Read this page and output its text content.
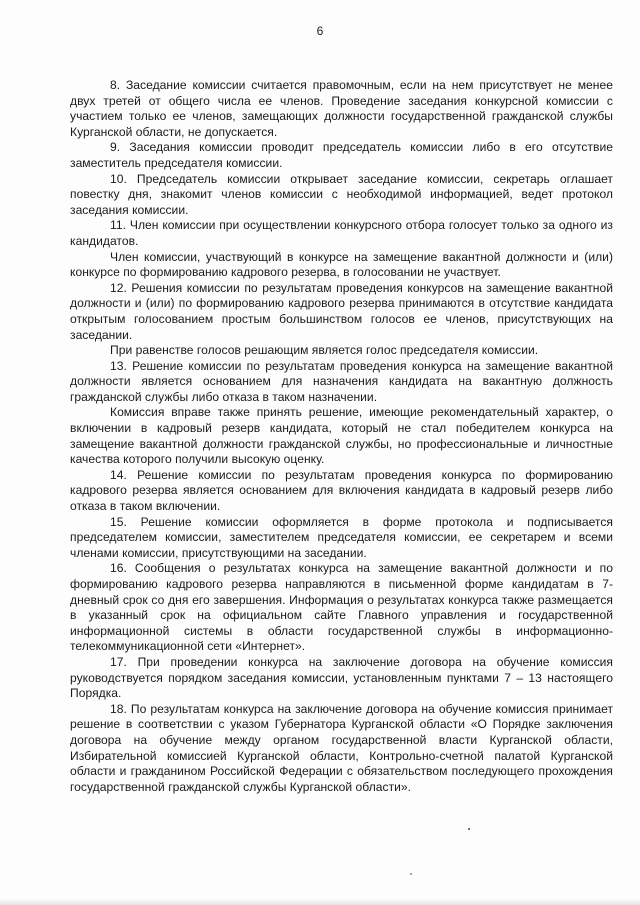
6

8. Заседание комиссии считается правомочным, если на нем присутствует не менее двух третей от общего числа ее членов. Проведение заседания конкурсной комиссии с участием только ее членов, замещающих должности государственной гражданской службы Курганской области, не допускается.

9. Заседания комиссии проводит председатель комиссии либо в его отсутствие заместитель председателя комиссии.

10. Председатель комиссии открывает заседание комиссии, секретарь оглашает повестку дня, знакомит членов комиссии с необходимой информацией, ведет протокол заседания комиссии.

11. Член комиссии при осуществлении конкурсного отбора голосует только за одного из кандидатов.

Член комиссии, участвующий в конкурсе на замещение вакантной должности и (или) конкурсе по формированию кадрового резерва, в голосовании не участвует.

12. Решения комиссии по результатам проведения конкурсов на замещение вакантной должности и (или) по формированию кадрового резерва принимаются в отсутствие кандидата открытым голосованием простым большинством голосов ее членов, присутствующих на заседании.

При равенстве голосов решающим является голос председателя комиссии.

13. Решение комиссии по результатам проведения конкурса на замещение вакантной должности является основанием для назначения кандидата на вакантную должность гражданской службы либо отказа в таком назначении.

Комиссия вправе также принять решение, имеющие рекомендательный характер, о включении в кадровый резерв кандидата, который не стал победителем конкурса на замещение вакантной должности гражданской службы, но профессиональные и личностные качества которого получили высокую оценку.

14. Решение комиссии по результатам проведения конкурса по формированию кадрового резерва является основанием для включения кандидата в кадровый резерв либо отказа в таком включении.

15. Решение комиссии оформляется в форме протокола и подписывается председателем комиссии, заместителем председателя комиссии, ее секретарем и всеми членами комиссии, присутствующими на заседании.

16. Сообщения о результатах конкурса на замещение вакантной должности и по формированию кадрового резерва направляются в письменной форме кандидатам в 7-дневный срок со дня его завершения. Информация о результатах конкурса также размещается в указанный срок на официальном сайте Главного управления и государственной информационной системы в области государственной службы в информационно-телекоммуникационной сети «Интернет».

17. При проведении конкурса на заключение договора на обучение комиссия руководствуется порядком заседания комиссии, установленным пунктами 7 – 13 настоящего Порядка.

18. По результатам конкурса на заключение договора на обучение комиссия принимает решение в соответствии с указом Губернатора Курганской области «О Порядке заключения договора на обучение между органом государственной власти Курганской области, Избирательной комиссией Курганской области, Контрольно-счетной палатой Курганской области и гражданином Российской Федерации с обязательством последующего прохождения государственной гражданской службы Курганской области».
